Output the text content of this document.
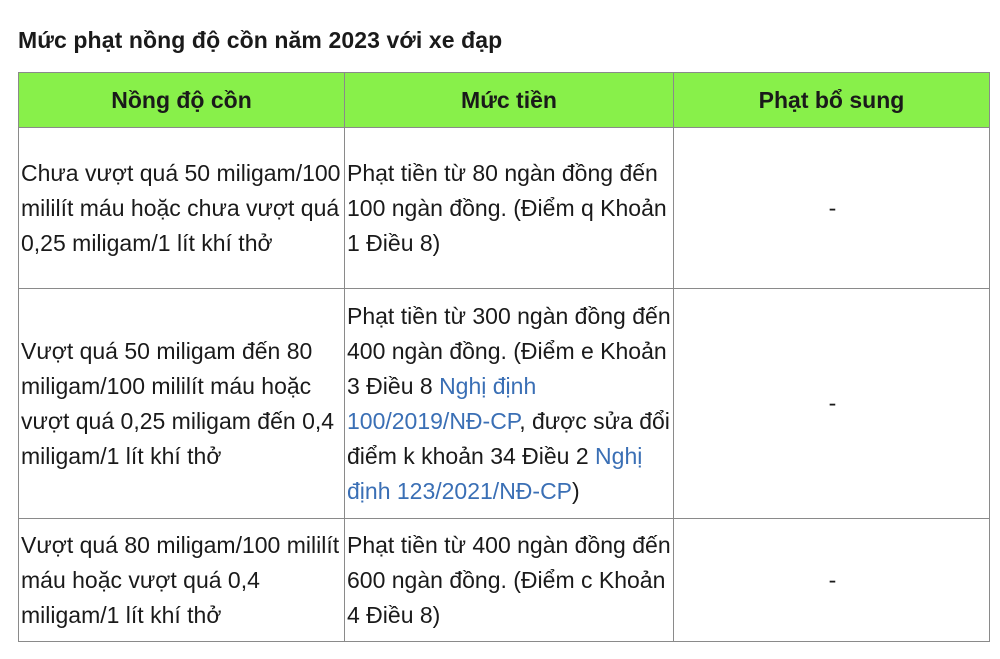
Mức phạt nồng độ cồn năm 2023 với xe đạp
Nồng độ cồn	Mức tiền	Phạt bổ sung
Chưa vượt quá 50 miligam/100 mililít máu hoặc chưa vượt quá 0,25 miligam/1 lít khí thở	Phạt tiền từ 80 ngàn đồng đến 100 ngàn đồng. (Điểm q Khoản 1 Điều 8)	-
Vượt quá 50 miligam đến 80 miligam/100 mililít máu hoặc vượt quá 0,25 miligam đến 0,4 miligam/1 lít khí thở	Phạt tiền từ 300 ngàn đồng đến 400 ngàn đồng. (Điểm e Khoản 3 Điều 8 Nghị định 100/2019/NĐ-CP, được sửa đổi điểm k khoản 34 Điều 2 Nghị định 123/2021/NĐ-CP)	-
Vượt quá 80 miligam/100 mililít máu hoặc vượt quá 0,4 miligam/1 lít khí thở	Phạt tiền từ 400 ngàn đồng đến 600 ngàn đồng. (Điểm c Khoản 4 Điều 8)	-
